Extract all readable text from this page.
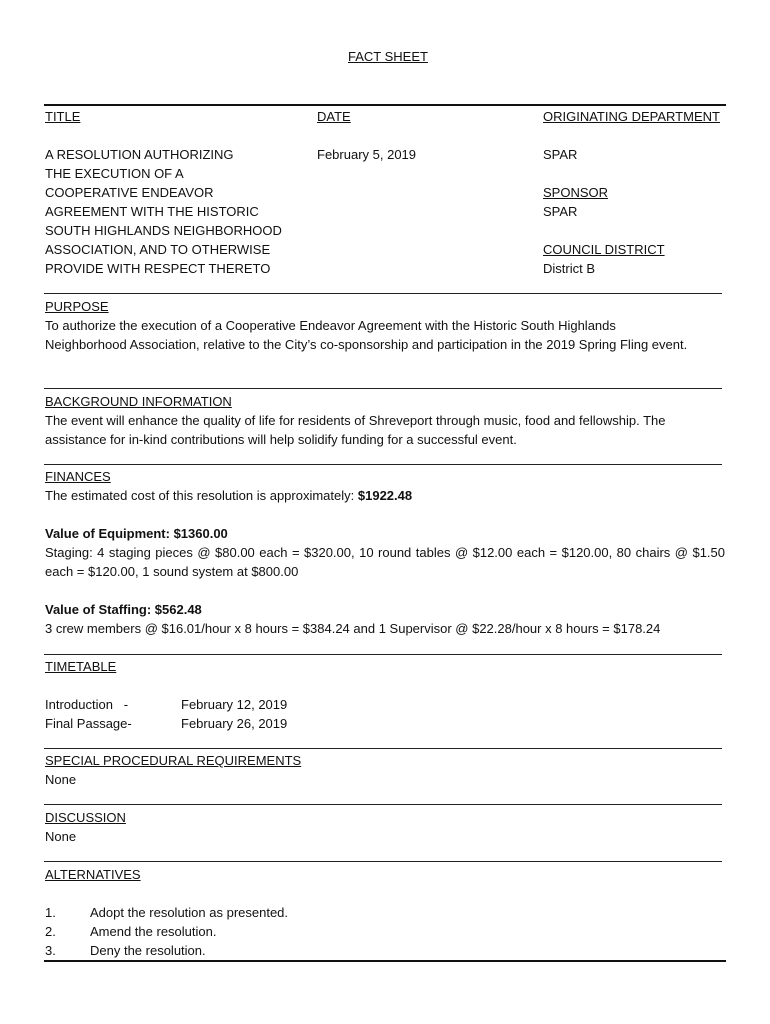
FACT SHEET
TITLE	DATE	ORIGINATING DEPARTMENT
A RESOLUTION AUTHORIZING
THE EXECUTION OF A
COOPERATIVE ENDEAVOR
AGREEMENT WITH THE HISTORIC
SOUTH HIGHLANDS NEIGHBORHOOD
ASSOCIATION, AND TO OTHERWISE
PROVIDE WITH RESPECT THERETO
February 5, 2019	SPAR
SPONSOR
SPAR
COUNCIL DISTRICT
District B
PURPOSE
To authorize the execution of a Cooperative Endeavor Agreement with the Historic South Highlands Neighborhood Association, relative to the City’s co-sponsorship and participation in the 2019 Spring Fling event.
BACKGROUND INFORMATION
The event will enhance the quality of life for residents of Shreveport through music, food and fellowship. The assistance for in-kind contributions will help solidify funding for a successful event.
FINANCES
The estimated cost of this resolution is approximately: $1922.48
Value of Equipment: $1360.00
Staging: 4 staging pieces @ $80.00 each = $320.00, 10 round tables @ $12.00 each = $120.00, 80 chairs @ $1.50 each = $120.00, 1 sound system at $800.00
Value of Staffing: $562.48
3 crew members @ $16.01/hour x 8 hours = $384.24 and 1 Supervisor @ $22.28/hour x 8 hours = $178.24
TIMETABLE
Introduction   -	February 12, 2019
Final Passage-	February 26, 2019
SPECIAL PROCEDURAL REQUIREMENTS
None
DISCUSSION
None
ALTERNATIVES
1.	Adopt the resolution as presented.
2.	Amend the resolution.
3.	Deny the resolution.
